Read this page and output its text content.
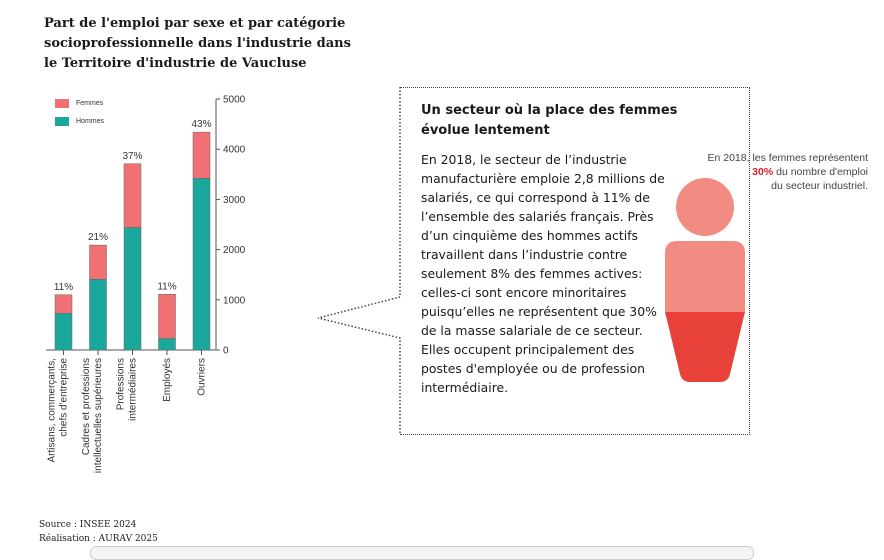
Part de l'emploi par sexe et par catégorie socioprofessionnelle dans l'industrie dans le Territoire d'industrie de Vaucluse
0
1000
2000
3000
4000
5000
11%
Artisans, commerçants, chefs d'entreprise
21%
Cadres et professions intellectuelles supérieures
37%
Professions intermédiaires
11%
Employés
43%
Ouvriers
Femmes
Hommes
Un secteur où la place des femmes évolue lentement
En 2018, le secteur de l’industrie manufacturière emploie 2,8 millions de salariés, ce qui correspond à 11% de l’ensemble des salariés français. Près d’un cinquième des hommes actifs travaillent dans l’industrie contre seulement 8% des femmes actives: celles-ci sont encore minoritaires puisqu’elles ne représentent que 30% de la masse salariale de ce secteur. Elles occupent principalement des postes d'employée ou de profession intermédiaire.
En 2018, les femmes représentent
30% du nombre d'emploi
du secteur industriel.
Source : INSEE 2024
Réalisation : AURAV 2025
